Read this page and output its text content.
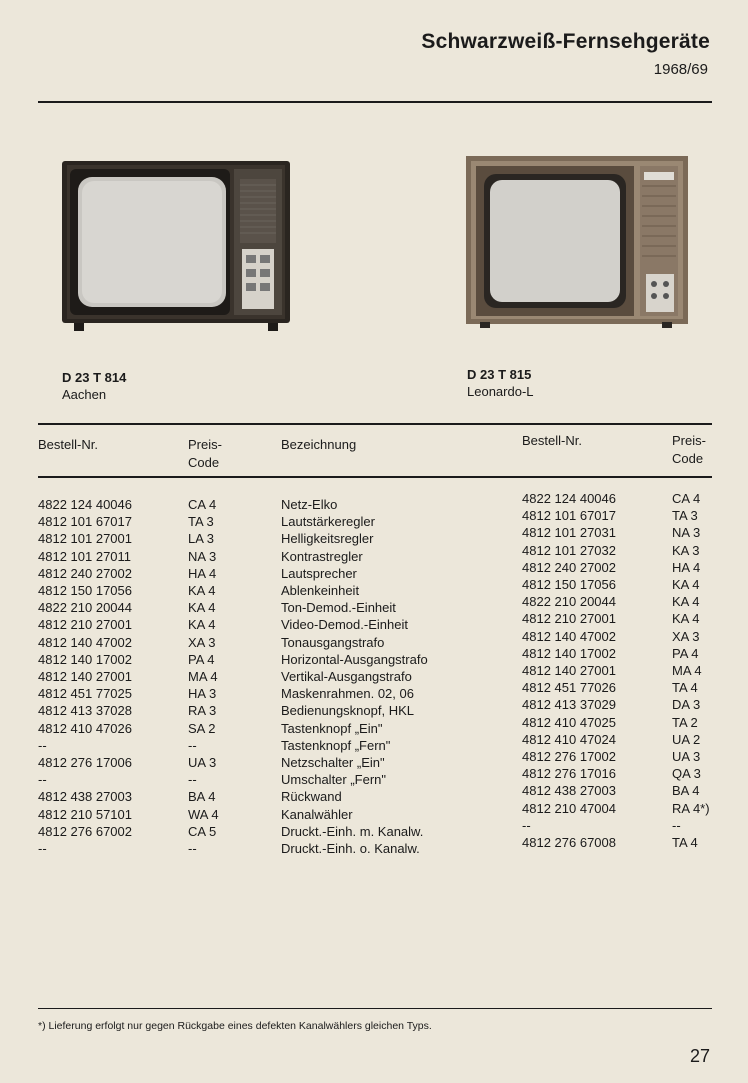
Schwarzweiß-Fernsehgeräte
1968/69
D 23 T 814
Aachen
D 23 T 815
Leonardo-L
Bestell-Nr.	Preis-
Code
Bezeichnung	Bestell-Nr.	Preis-
Code
4822 124 40046	CA 4	Netz-Elko	4822 124 40046	CA 4
4812 101 67017	TA 3	Lautstärkeregler	4812 101 67017	TA 3
4812 101 27001	LA 3	Helligkeitsregler	4812 101 27031	NA 3
4812 101 27011	NA 3	Kontrastregler	4812 101 27032	KA 3
4812 240 27002	HA 4	Lautsprecher	4812 240 27002	HA 4
4812 150 17056	KA 4	Ablenkeinheit	4812 150 17056	KA 4
4822 210 20044	KA 4	Ton-Demod.-Einheit	4822 210 20044	KA 4
4812 210 27001	KA 4	Video-Demod.-Einheit	4812 210 27001	KA 4
4812 140 47002	XA 3	Tonausgangstrafo	4812 140 47002	XA 3
4812 140 17002	PA 4	Horizontal-Ausgangstrafo	4812 140 17002	PA 4
4812 140 27001	MA 4	Vertikal-Ausgangstrafo	4812 140 27001	MA 4
4812 451 77025	HA 3	Maskenrahmen. 02, 06	4812 451 77026	TA 4
4812 413 37028	RA 3	Bedienungsknopf, HKL	4812 413 37029	DA 3
4812 410 47026	SA 2	Tastenknopf „Ein"	4812 410 47025	TA 2
--	--	Tastenknopf „Fern"	4812 410 47024	UA 2
4812 276 17006	UA 3	Netzschalter „Ein"	4812 276 17002	UA 3
--	--	Umschalter „Fern"	4812 276 17016	QA 3
4812 438 27003	BA 4	Rückwand	4812 438 27003	BA 4
4812 210 57101	WA 4	Kanalwähler	4812 210 47004	RA 4*)
4812 276 67002	CA 5	Druckt.-Einh. m. Kanalw.	--	--
--	--	Druckt.-Einh. o. Kanalw.	4812 276 67008	TA 4
*) Lieferung erfolgt nur gegen Rückgabe eines defekten Kanalwählers gleichen Typs.
27
